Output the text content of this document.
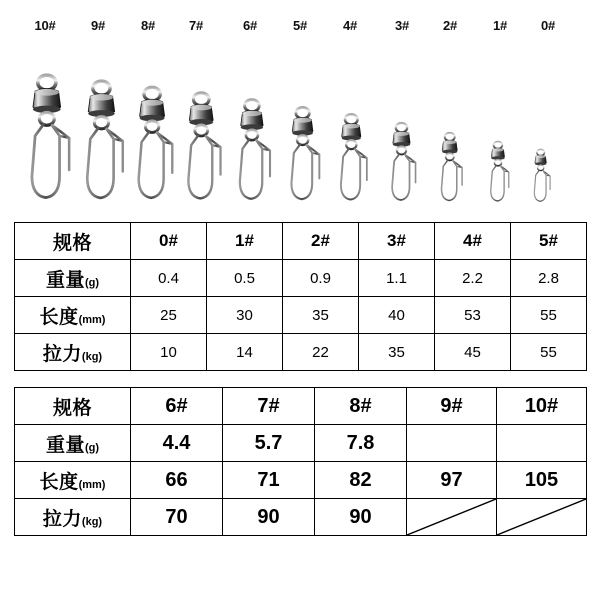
10#	9#	8#	7#	6#	5#	4#	3#	2#	1#	0#
规格	0#	1#	2#	3#	4#	5#
重量(g)	0.4	0.5	0.9	1.1	2.2	2.8
长度(mm)	25	30	35	40	53	55
拉力(kg)	10	14	22	35	45	55
规格	6#	7#	8#	9#	10#
重量(g)	4.4	5.7	7.8		
长度(mm)	66	71	82	97	105
拉力(kg)	70	90	90	
